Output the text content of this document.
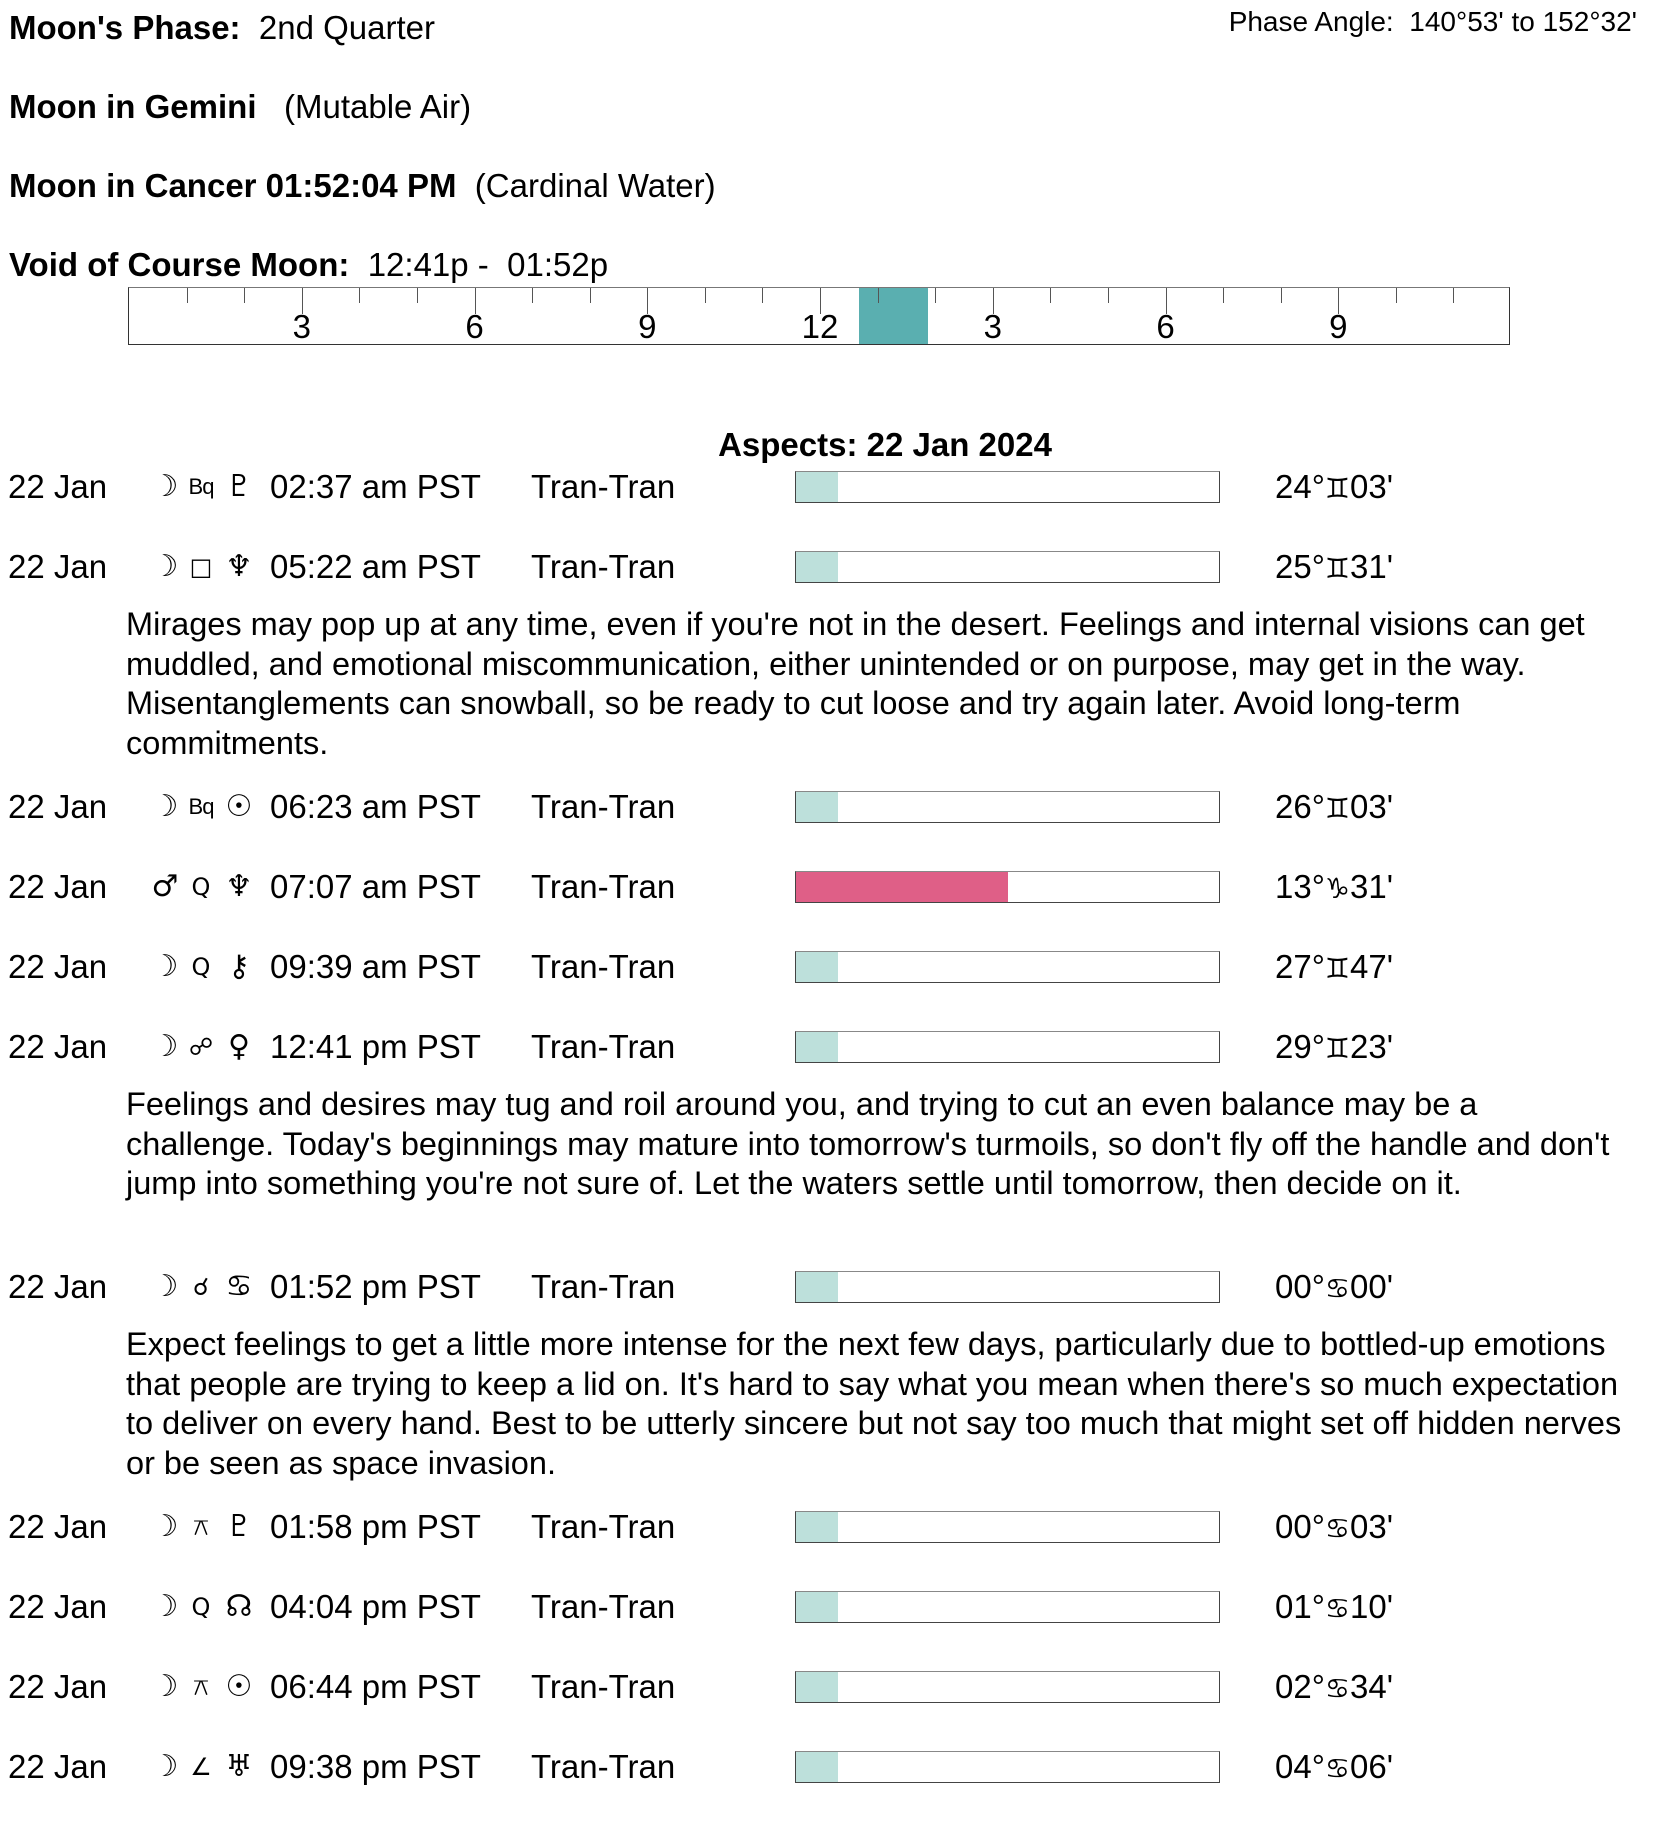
Moon's Phase: 2nd Quarter	Phase Angle: 140°53' to 152°32'
Moon in Gemini (Mutable Air)
Moon in Cancer 01:52:04 PM (Cardinal Water)
Void of Course Moon: 12:41p -  01:52p
3	6	9	12	3	6	9
Aspects: 22 Jan 2024
22 Jan ☽ Bq ♇ 02:37 am PST Tran-Tran	24°♊03'
22 Jan ☽ □ ♆ 05:22 am PST Tran-Tran	25°♊31'
Mirages may pop up at any time, even if you're not in the desert. Feelings and internal visions can get muddled, and emotional miscommunication, either unintended or on purpose, may get in the way. Misentanglements can snowball, so be ready to cut loose and try again later. Avoid long-term commitments.
22 Jan ☽ Bq ☉ 06:23 am PST Tran-Tran	26°♊03'
22 Jan ♂ Q ♆ 07:07 am PST Tran-Tran	13°♑31'
22 Jan ☽ Q ⚷ 09:39 am PST Tran-Tran	27°♊47'
22 Jan ☽ ☍ ♀ 12:41 pm PST Tran-Tran	29°♊23'
Feelings and desires may tug and roil around you, and trying to cut an even balance may be a challenge. Today's beginnings may mature into tomorrow's turmoils, so don't fly off the handle and don't jump into something you're not sure of. Let the waters settle until tomorrow, then decide on it.
22 Jan ☽ ☌ ♋ 01:52 pm PST Tran-Tran	00°♋00'
Expect feelings to get a little more intense for the next few days, particularly due to bottled-up emotions that people are trying to keep a lid on. It's hard to say what you mean when there's so much expectation to deliver on every hand. Best to be utterly sincere but not say too much that might set off hidden nerves or be seen as space invasion.
22 Jan ☽ ⚻ ♇ 01:58 pm PST Tran-Tran	00°♋03'
22 Jan ☽ Q ☊ 04:04 pm PST Tran-Tran	01°♋10'
22 Jan ☽ ⚻ ☉ 06:44 pm PST Tran-Tran	02°♋34'
22 Jan ☽ ∠ ♅ 09:38 pm PST Tran-Tran	04°♋06'
